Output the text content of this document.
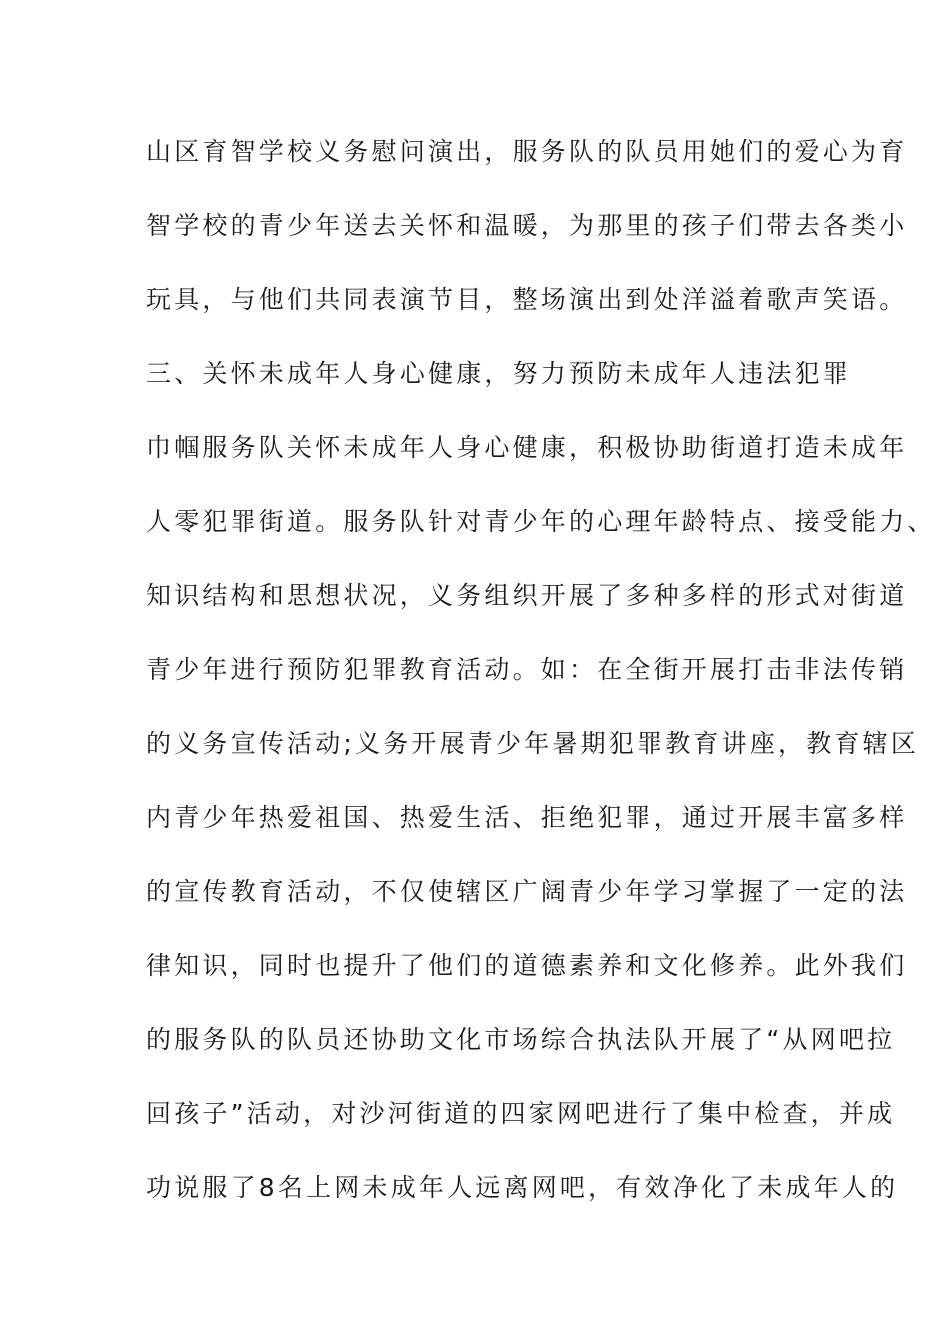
山区育智学校义务慰问演出，服务队的队员用她们的爱心为育
智学校的青少年送去关怀和温暖，为那里的孩子们带去各类小
玩具，与他们共同表演节目，整场演出到处洋溢着歌声笑语。
三、关怀未成年人身心健康，努力预防未成年人违法犯罪
巾帼服务队关怀未成年人身心健康，积极协助街道打造未成年
人零犯罪街道。服务队针对青少年的心理年龄特点、接受能力、
知识结构和思想状况，义务组织开展了多种多样的形式对街道
青少年进行预防犯罪教育活动。如：在全街开展打击非法传销
的义务宣传活动;义务开展青少年暑期犯罪教育讲座，教育辖区
内青少年热爱祖国、热爱生活、拒绝犯罪，通过开展丰富多样
的宣传教育活动，不仅使辖区广阔青少年学习掌握了一定的法
律知识，同时也提升了他们的道德素养和文化修养。此外我们
的服务队的队员还协助文化市场综合执法队开展了“从网吧拉
回孩子”活动，对沙河街道的四家网吧进行了集中检查，并成
功说服了8名上网未成年人远离网吧，有效净化了未成年人的
